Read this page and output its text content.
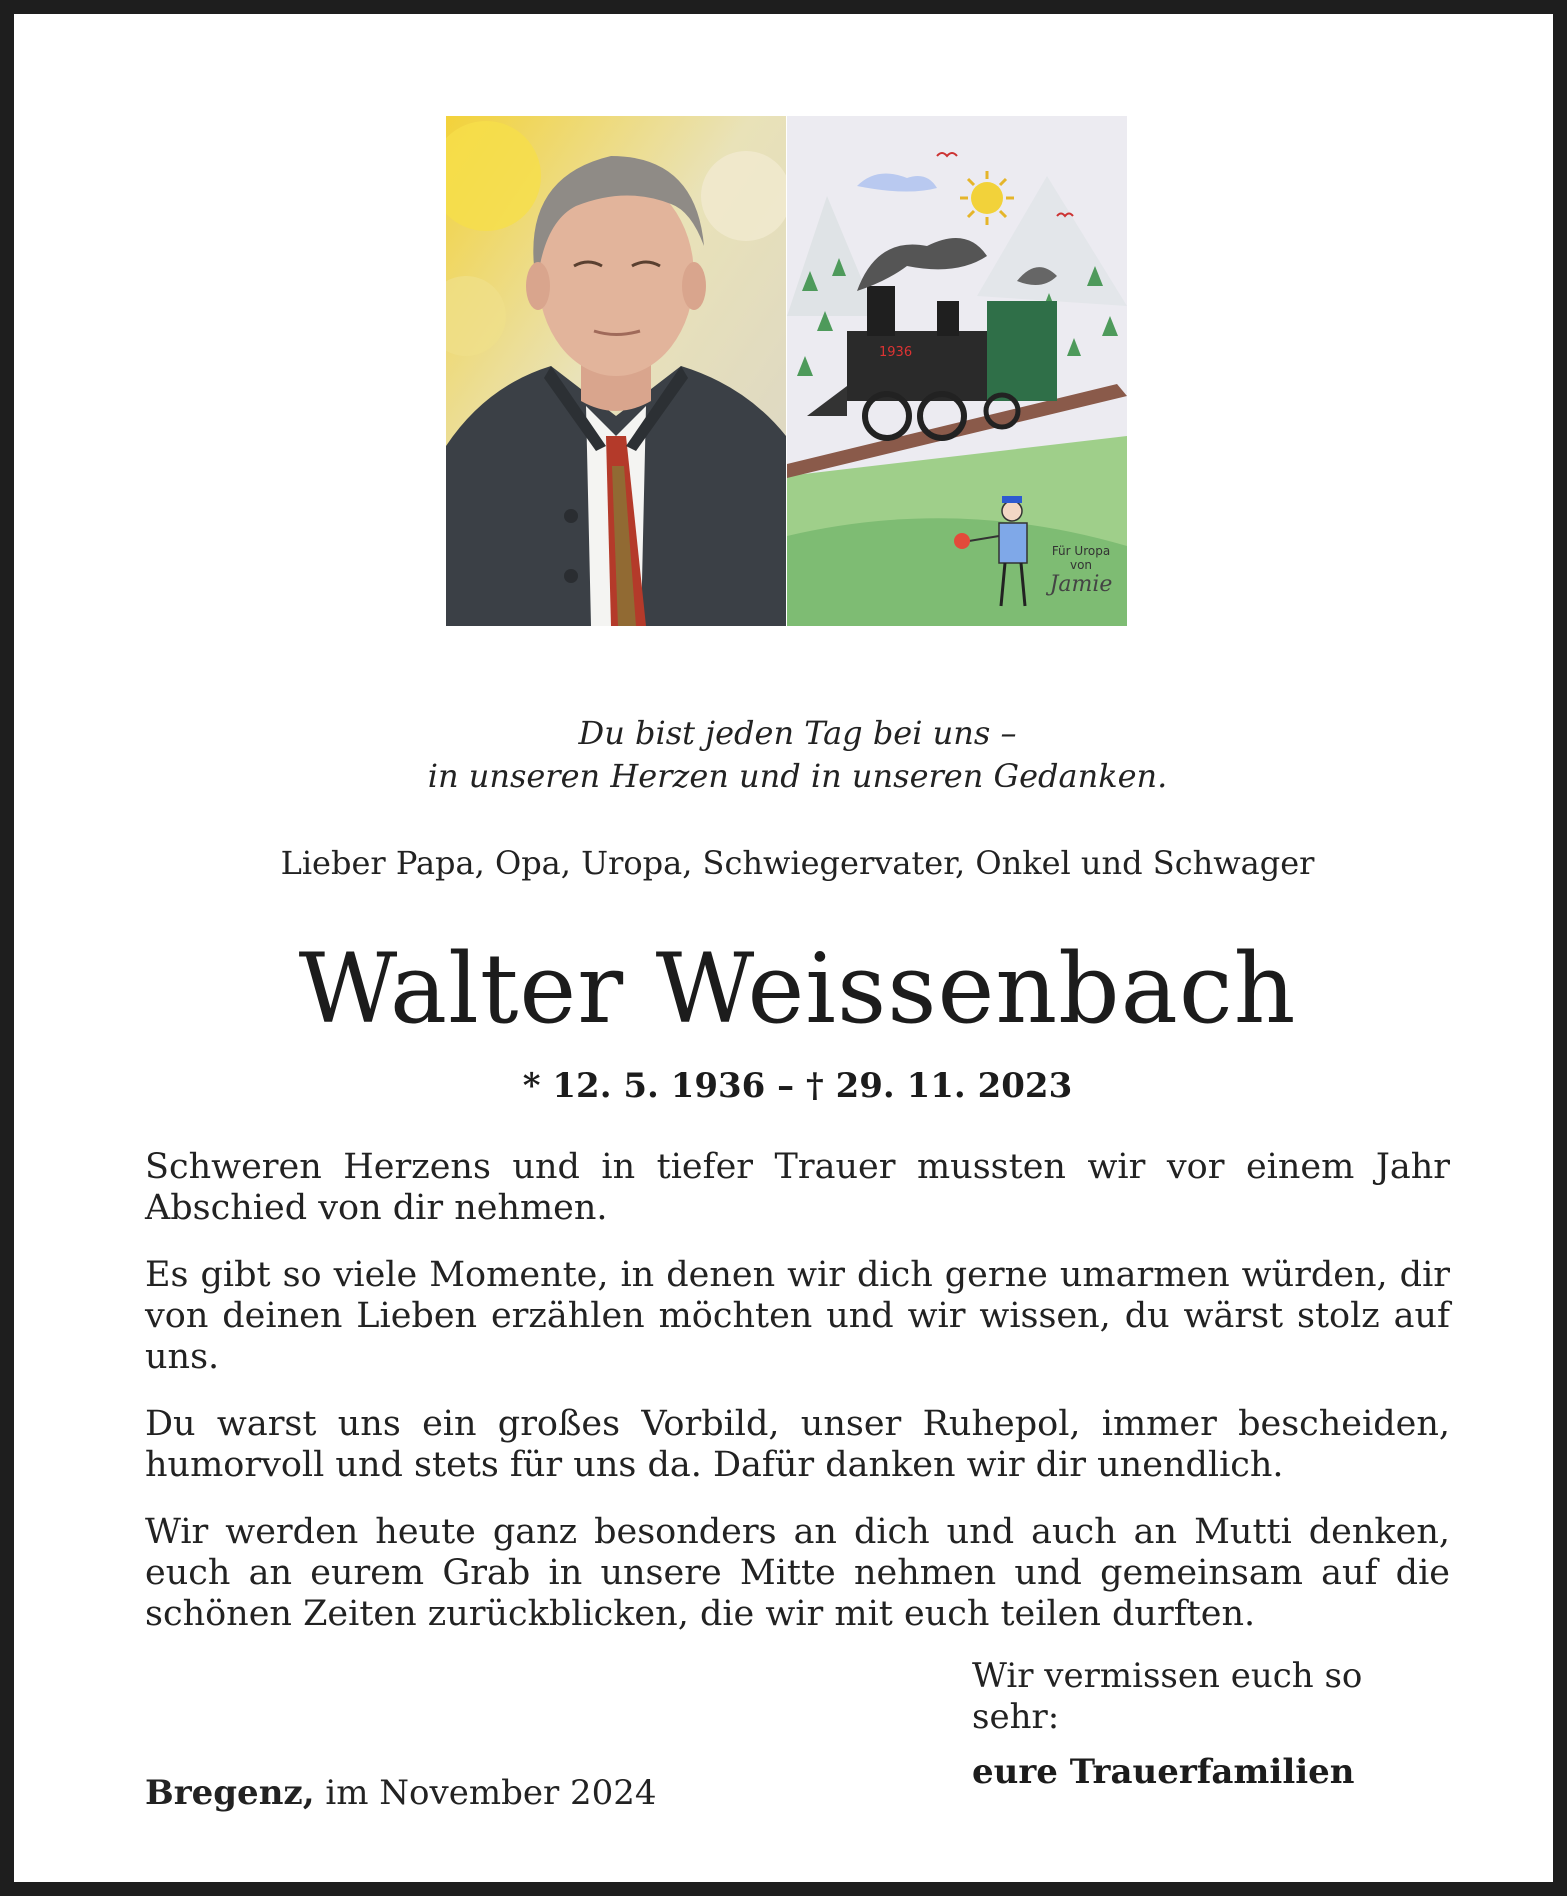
1936
Für Uropa
von
Jamie
Du bist jeden Tag bei uns –
in unseren Herzen und in unseren Gedanken.
Lieber Papa, Opa, Uropa, Schwiegervater, Onkel und Schwager
Walter Weissenbach
* 12. 5. 1936 – † 29. 11. 2023

Schweren Herzens und in tiefer Trauer mussten wir vor einem Jahr Abschied von dir nehmen.

Es gibt so viele Momente, in denen wir dich gerne umarmen würden, dir von deinen Lieben erzählen möchten und wir wissen, du wärst stolz auf uns.

Du warst uns ein großes Vorbild, unser Ruhepol, immer bescheiden, humorvoll und stets für uns da. Dafür danken wir dir unendlich.

Wir werden heute ganz besonders an dich und auch an Mutti denken, euch an eurem Grab in unsere Mitte nehmen und gemeinsam auf die schönen Zeiten zurückblicken, die wir mit euch teilen durften.

Wir vermissen euch so sehr:
eure Trauerfamilien
Bregenz, im November 2024
